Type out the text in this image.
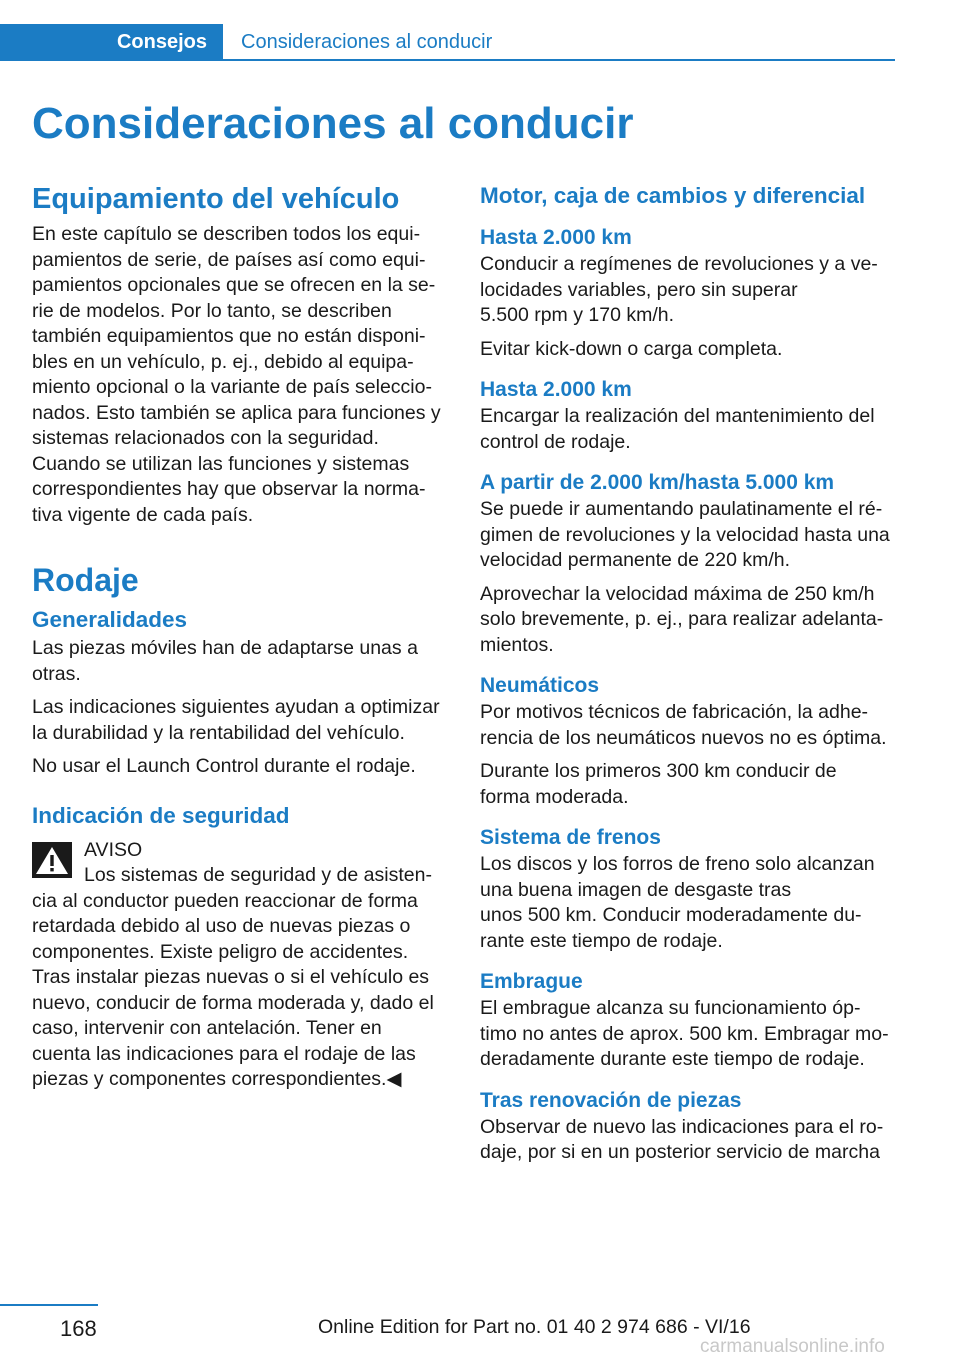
Consejos	Consideraciones al conducir
Consideraciones al conducir
Equipamiento del vehículo
En este capítulo se describen todos los equi‐
pamientos de serie, de países así como equi‐
pamientos opcionales que se ofrecen en la se‐
rie de modelos. Por lo tanto, se describen
también equipamientos que no están disponi‐
bles en un vehículo, p. ej., debido al equipa‐
miento opcional o la variante de país seleccio‐
nados. Esto también se aplica para funciones y
sistemas relacionados con la seguridad.
Cuando se utilizan las funciones y sistemas
correspondientes hay que observar la norma‐
tiva vigente de cada país.
Rodaje
Generalidades
Las piezas móviles han de adaptarse unas a
otras.
Las indicaciones siguientes ayudan a optimizar
la durabilidad y la rentabilidad del vehículo.
No usar el Launch Control durante el rodaje.
Indicación de seguridad
AVISO
Los sistemas de seguridad y de asisten‐
cia al conductor pueden reaccionar de forma
retardada debido al uso de nuevas piezas o
componentes. Existe peligro de accidentes.
Tras instalar piezas nuevas o si el vehículo es
nuevo, conducir de forma moderada y, dado el
caso, intervenir con antelación. Tener en
cuenta las indicaciones para el rodaje de las
piezas y componentes correspondientes.◀
Motor, caja de cambios y diferencial
Hasta 2.000 km
Conducir a regímenes de revoluciones y a ve‐
locidades variables, pero sin superar
5.500 rpm y 170 km/h.
Evitar kick-down o carga completa.
Hasta 2.000 km
Encargar la realización del mantenimiento del
control de rodaje.
A partir de 2.000 km/hasta 5.000 km
Se puede ir aumentando paulatinamente el ré‐
gimen de revoluciones y la velocidad hasta una
velocidad permanente de 220 km/h.
Aprovechar la velocidad máxima de 250 km/h
solo brevemente, p. ej., para realizar adelanta‐
mientos.
Neumáticos
Por motivos técnicos de fabricación, la adhe‐
rencia de los neumáticos nuevos no es óptima.
Durante los primeros 300 km conducir de
forma moderada.
Sistema de frenos
Los discos y los forros de freno solo alcanzan
una buena imagen de desgaste tras
unos 500 km. Conducir moderadamente du‐
rante este tiempo de rodaje.
Embrague
El embrague alcanza su funcionamiento óp‐
timo no antes de aprox. 500 km. Embragar mo‐
deradamente durante este tiempo de rodaje.
Tras renovación de piezas
Observar de nuevo las indicaciones para el ro‐
daje, por si en un posterior servicio de marcha
168	Online Edition for Part no. 01 40 2 974 686 - VI/16
carmanualsonline.info
